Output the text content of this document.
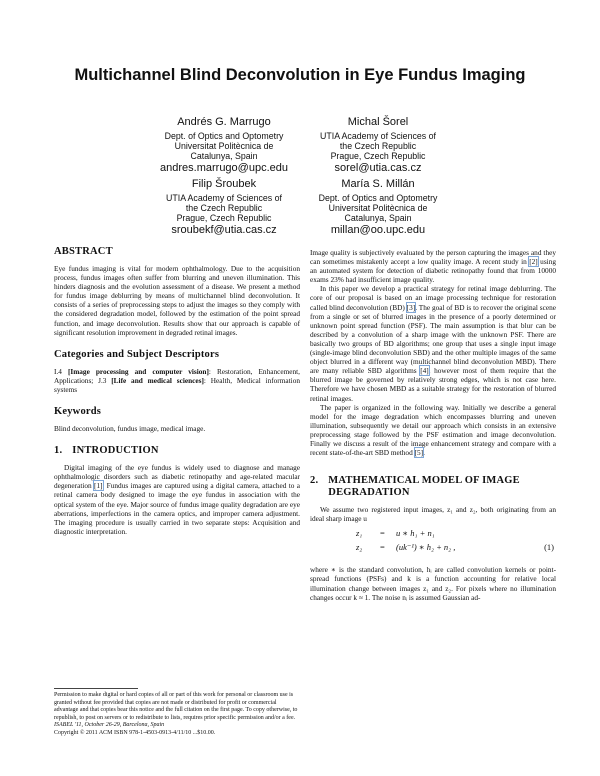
Multichannel Blind Deconvolution in Eye Fundus Imaging
Andrés G. Marrugo
Dept. of Optics and Optometry
Universitat Politècnica de
Catalunya, Spain
andres.marrugo@upc.edu
Michal Šorel
UTIA Academy of Sciences of
the Czech Republic
Prague, Czech Republic
sorel@utia.cas.cz
Filip Šroubek
UTIA Academy of Sciences of
the Czech Republic
Prague, Czech Republic
sroubekf@utia.cas.cz
María S. Millán
Dept. of Optics and Optometry
Universitat Politècnica de
Catalunya, Spain
millan@oo.upc.edu
ABSTRACT

Eye fundus imaging is vital for modern ophthalmology. Due to the acquisition process, fundus images often suffer from blurring and uneven illumination. This hinders diagnosis and the evolution assessment of a disease. We present a method for fundus image deblurring by means of multichannel blind deconvolution. It consists of a series of preprocessing steps to adjust the images so they comply with the considered degradation model, followed by the estimation of the point spread function, and image deconvolution. Results show that our approach is capable of significant resolution improvement in degraded retinal images.

Categories and Subject Descriptors

I.4 [Image processing and computer vision]: Restoration, Enhancement, Applications; J.3 [Life and medical sciences]: Health, Medical information systems

Keywords

Blind deconvolution, fundus image, medical image.

1. INTRODUCTION

Digital imaging of the eye fundus is widely used to diagnose and manage ophthalmologic disorders such as diabetic retinopathy and age-related macular degeneration [1]. Fundus images are captured using a digital camera, attached to a retinal camera body designed to image the eye fundus in association with the optical system of the eye. Major source of fundus image quality degradation are eye aberrations, imperfections in the camera optics, and improper camera adjustment. The imaging procedure is usually carried in two separate steps: Acquisition and diagnostic interpretation.

Permission to make digital or hard copies of all or part of this work for personal or classroom use is granted without fee provided that copies are not made or distributed for profit or commercial advantage and that copies bear this notice and the full citation on the first page. To copy otherwise, to republish, to post on servers or to redistribute to lists, requires prior specific permission and/or a fee.
ISABEL '11, October 26-29, Barcelona, Spain
Copyright © 2011 ACM ISBN 978-1-4503-0913-4/11/10 ...$10.00.

Image quality is subjectively evaluated by the person capturing the images and they can sometimes mistakenly accept a low quality image. A recent study in [2] using an automated system for detection of diabetic retinopathy found that from 10000 exams 23% had insufficient image quality.

In this paper we develop a practical strategy for retinal image deblurring. The core of our proposal is based on an image processing technique for restoration called blind deconvolution (BD) [3]. The goal of BD is to recover the original scene from a single or set of blurred images in the presence of a poorly determined or unknown point spread function (PSF). The main assumption is that blur can be described by a convolution of a sharp image with the unknown PSF. There are basically two groups of BD algorithms; one group that uses a single input image (single-image blind deconvolution SBD) and the other multiple images of the same object blurred in a different way (multichannel blind deconvolution MBD). There are many reliable SBD algorithms [4], however most of them require that the blurred image be governed by relatively strong edges, which is not case here. Therefore we have chosen MBD as a suitable strategy for the restoration of blurred retinal images.

The paper is organized in the following way. Initially we describe a general model for the image degradation which encompasses blurring and uneven illumination, subsequently we detail our approach which consists in an extensive preprocessing stage followed by the PSF estimation and image deconvolution. Finally we discuss a result of the image enhancement strategy and compare with a recent state-of-the-art SBD method [5].

2. MATHEMATICAL MODEL OF IMAGE DEGRADATION

We assume two registered input images, z₁ and z₂, both originating from an ideal sharp image u

z₁ = u ∗ h₁ + n₁
z₂ = (uk⁻¹) ∗ h₂ + n₂ ,	(1)

where ∗ is the standard convolution, hᵢ are called convolution kernels or point-spread functions (PSFs) and k is a function accounting for relative local illumination change between images z₁ and z₂. For pixels where no illumination changes occur k ≈ 1. The noise nᵢ is assumed Gaussian ad-
